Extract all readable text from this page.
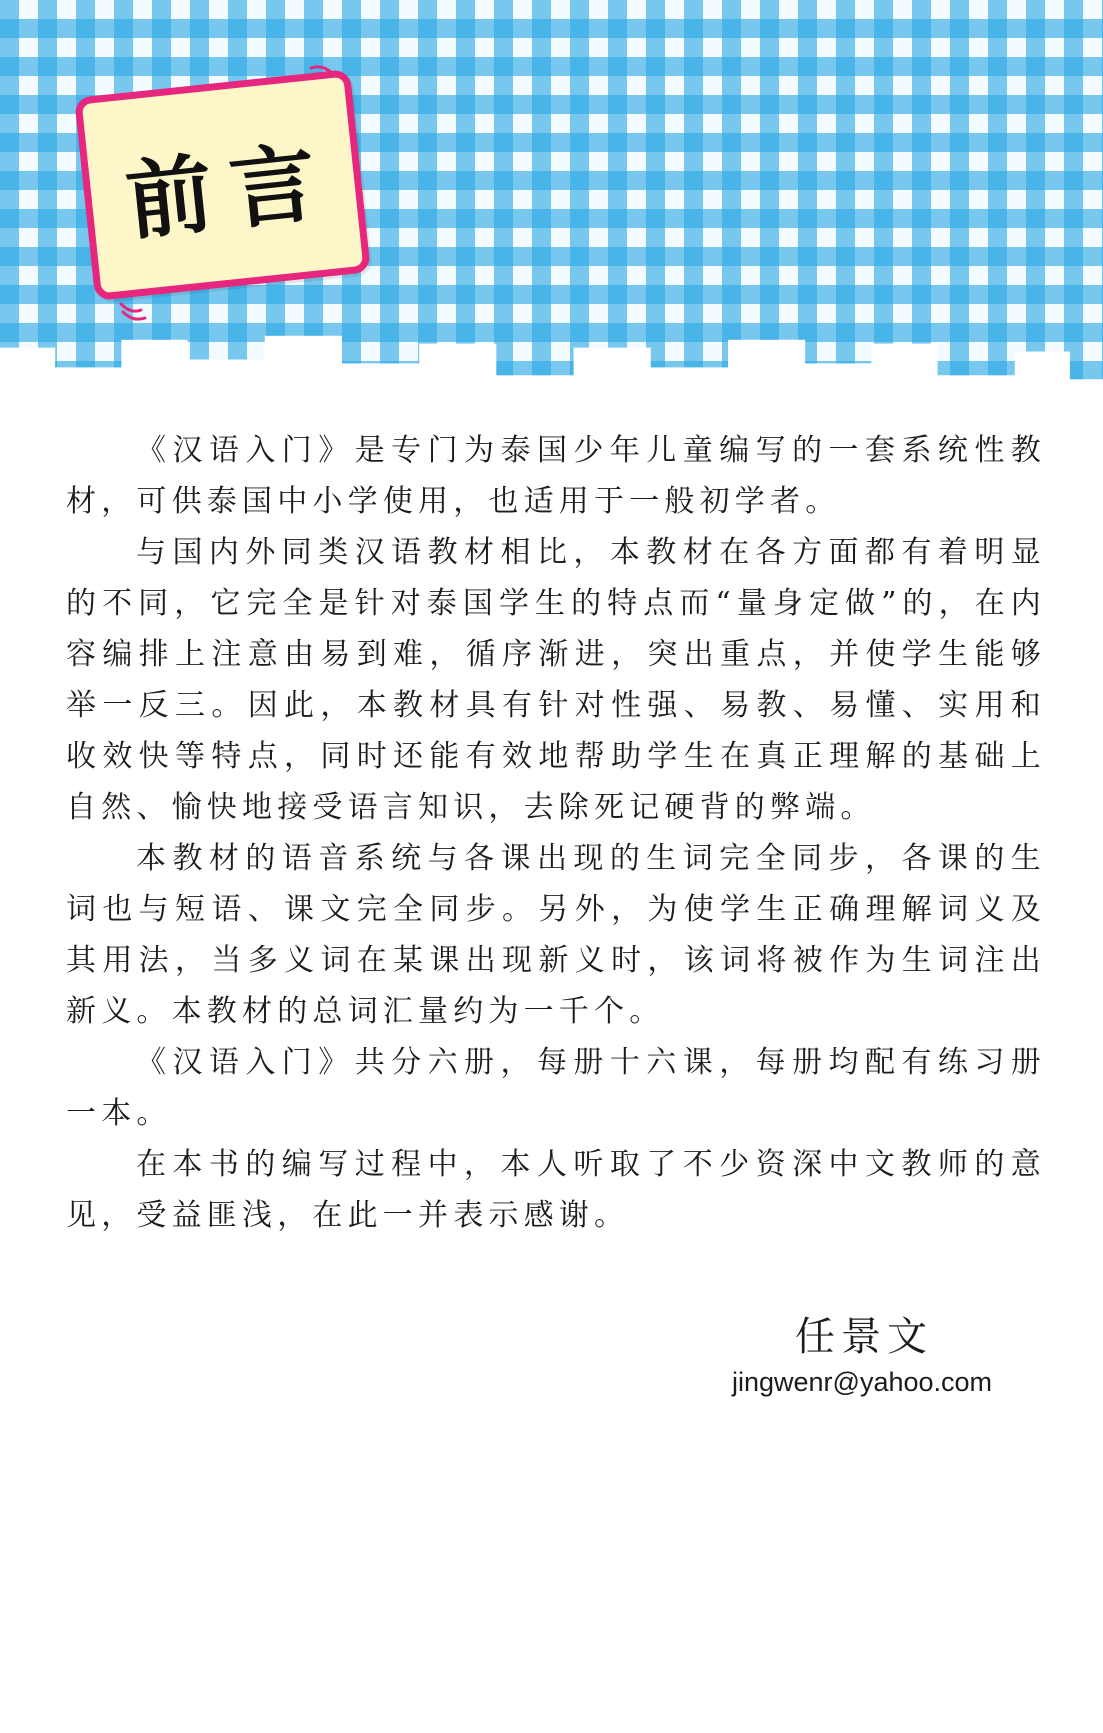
前言

《汉语入门》是专门为泰国少年儿童编写的一套系统性教材，可供泰国中小学使用，也适用于一般初学者。

与国内外同类汉语教材相比，本教材在各方面都有着明显的不同，它完全是针对泰国学生的特点而“量身定做”的，在内容编排上注意由易到难，循序渐进，突出重点，并使学生能够举一反三。因此，本教材具有针对性强、易教、易懂、实用和收效快等特点，同时还能有效地帮助学生在真正理解的基础上自然、愉快地接受语言知识，去除死记硬背的弊端。

本教材的语音系统与各课出现的生词完全同步，各课的生词也与短语、课文完全同步。另外，为使学生正确理解词义及其用法，当多义词在某课出现新义时，该词将被作为生词注出新义。本教材的总词汇量约为一千个。

《汉语入门》共分六册，每册十六课，每册均配有练习册一本。

在本书的编写过程中，本人听取了不少资深中文教师的意见，受益匪浅，在此一并表示感谢。

任景文
jingwenr@yahoo.com
